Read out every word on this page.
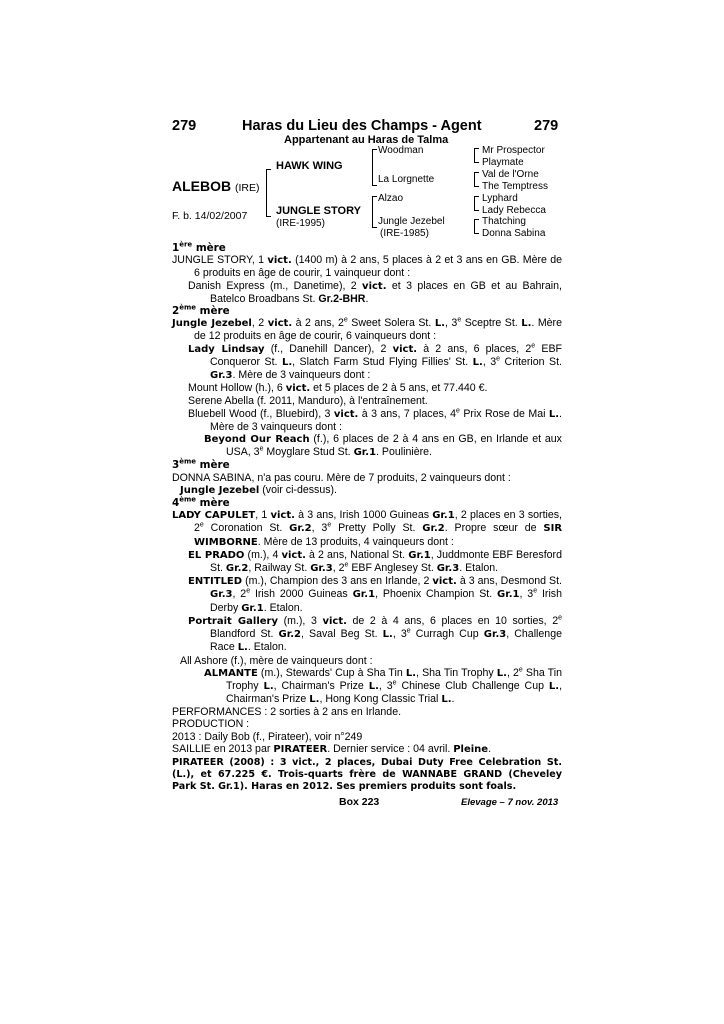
279	Haras du Lieu des Champs - Agent	279
Appartenant au Haras de Talma
ALEBOB (IRE)
F. b. 14/02/2007
HAWK WING
JUNGLE STORY
(IRE-1995)
Woodman
La Lorgnette
Alzao
Jungle Jezebel
(IRE-1985)
Mr Prospector
Playmate
Val de l'Orne
The Temptress
Lyphard
Lady Rebecca
Thatching
Donna Sabina

1ère mère

JUNGLE STORY, 1 vict. (1400 m) à 2 ans, 5 places à 2 et 3 ans en GB. Mère de 6 produits en âge de courir, 1 vainqueur dont :

Danish Express (m., Danetime), 2 vict. et 3 places en GB et au Bahrain, Batelco Broadbans St. Gr.2-BHR.

2ème mère

Jungle Jezebel, 2 vict. à 2 ans, 2e Sweet Solera St. L., 3e Sceptre St. L.. Mère de 12 produits en âge de courir, 6 vainqueurs dont :

Lady Lindsay (f., Danehill Dancer), 2 vict. à 2 ans, 6 places, 2e EBF Conqueror St. L., Slatch Farm Stud Flying Fillies' St. L., 3e Criterion St. Gr.3. Mère de 3 vainqueurs dont :

Mount Hollow (h.), 6 vict. et 5 places de 2 à 5 ans, et 77.440 €.

Serene Abella (f. 2011, Manduro), à l'entraînement.

Bluebell Wood (f., Bluebird), 3 vict. à 3 ans, 7 places, 4e Prix Rose de Mai L.. Mère de 3 vainqueurs dont :

Beyond Our Reach (f.), 6 places de 2 à 4 ans en GB, en Irlande et aux USA, 3e Moyglare Stud St. Gr.1. Poulinière.

3ème mère

DONNA SABINA, n'a pas couru. Mère de 7 produits, 2 vainqueurs dont :

Jungle Jezebel (voir ci-dessus).

4ème mère

LADY CAPULET, 1 vict. à 3 ans, Irish 1000 Guineas Gr.1, 2 places en 3 sorties, 2e Coronation St. Gr.2, 3e Pretty Polly St. Gr.2. Propre sœur de SIR WIMBORNE. Mère de 13 produits, 4 vainqueurs dont :

EL PRADO (m.), 4 vict. à 2 ans, National St. Gr.1, Juddmonte EBF Beresford St. Gr.2, Railway St. Gr.3, 2e EBF Anglesey St. Gr.3. Etalon.

ENTITLED (m.), Champion des 3 ans en Irlande, 2 vict. à 3 ans, Desmond St. Gr.3, 2e Irish 2000 Guineas Gr.1, Phoenix Champion St. Gr.1, 3e Irish Derby Gr.1. Etalon.

Portrait Gallery (m.), 3 vict. de 2 à 4 ans, 6 places en 10 sorties, 2e Blandford St. Gr.2, Saval Beg St. L., 3e Curragh Cup Gr.3, Challenge Race L.. Etalon.

All Ashore (f.), mère de vainqueurs dont :

ALMANTE (m.), Stewards' Cup à Sha Tin L., Sha Tin Trophy L., 2e Sha Tin Trophy L., Chairman's Prize L., 3e Chinese Club Challenge Cup L., Chairman's Prize L., Hong Kong Classic Trial L..

PERFORMANCES : 2 sorties à 2 ans en Irlande.
PRODUCTION :
2013 : Daily Bob (f., Pirateer), voir n°249
SAILLIE en 2013 par PIRATEER. Dernier service : 04 avril. Pleine.
PIRATEER (2008) : 3 vict., 2 places, Dubai Duty Free Celebration St. (L.), et 67.225 €. Trois-quarts frère de WANNABE GRAND (Cheveley Park St. Gr.1). Haras en 2012. Ses premiers produits sont foals.
Box 223	Elevage – 7 nov. 2013
